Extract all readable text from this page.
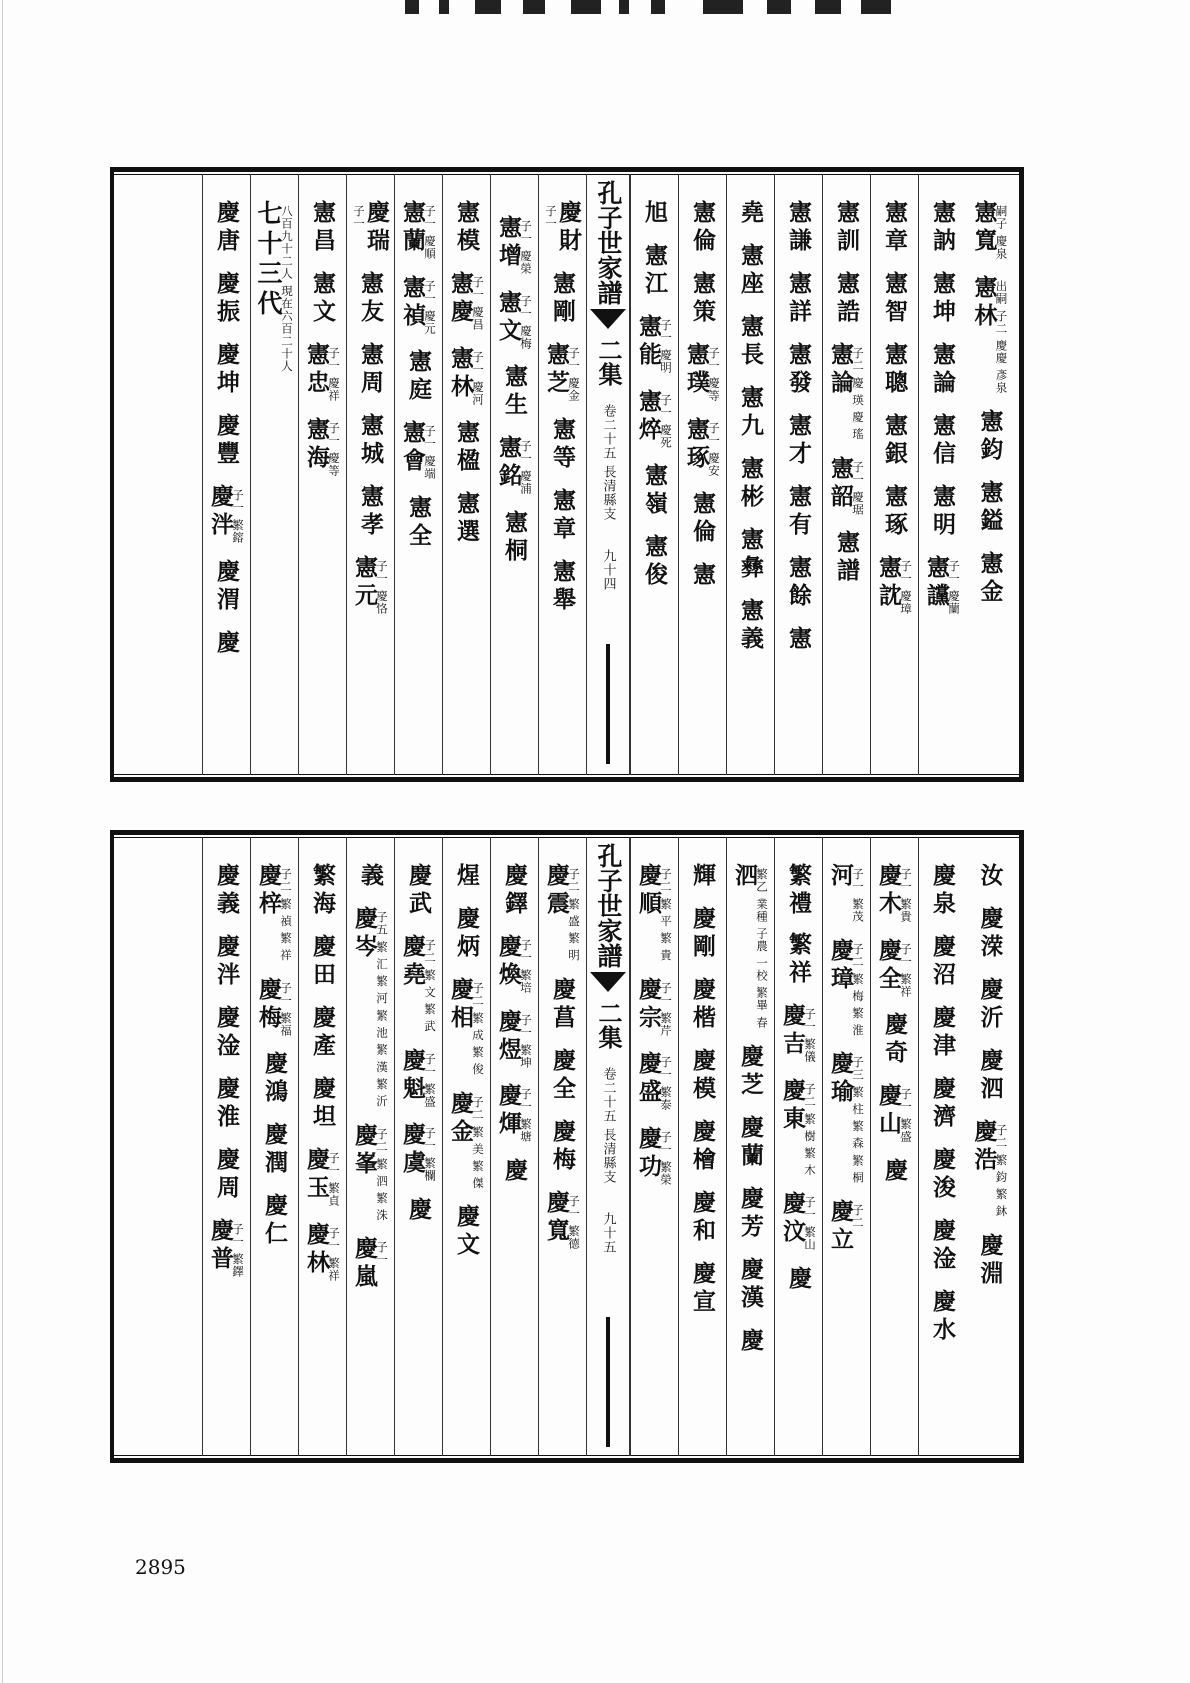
憲寬
嗣子 慶泉
憲林
出嗣 子二 慶慶 彥泉
憲鈞
憲鎰
憲金
憲訥
憲坤
憲論
憲信
憲明
憲讜
子一 慶蘭
憲章
憲智
憲聰
憲銀
憲琢
憲訦
子一 慶璋
憲訓
憲誥
憲論
子二 慶 瑛 慶 瑤
憲韶
子一 慶琚
憲譜
憲謙
憲詳
憲發
憲才
憲有
憲餘
憲
堯
憲座
憲長
憲九
憲彬
憲彝
憲義
憲倫
憲策
憲璞
子一 慶等
憲琢
子一 慶安
憲倫
憲
旭
憲江
憲能
子一 慶明
憲焠
子一 慶死
憲嶺
憲俊
孔子世家譜
二集
卷二十五 長清縣支　　九十四
子一
慶財
憲剛
憲芝
子一 慶金
憲等
憲章
憲舉
憲增
子一 慶榮
憲文
子一 慶梅
憲生
憲銘
子一 慶浦
憲桐
憲模
憲慶
子一 慶昌
憲林
子一 慶河
憲楹
憲選
憲蘭
子一 慶順
憲禎
子一 慶元
憲庭
憲會
子一 慶端
憲全
子一
慶瑞
憲友
憲周
憲城
憲孝
憲元
子一 慶恪
憲昌
憲文
憲忠
子一 慶祥
憲海
子一 慶等
七十三代
八百九十二人 現在六百二十人
慶唐
慶振
慶坤
慶豐
慶泮
子一 繁鎔
慶渭
慶
汝
慶溁
慶沂
慶泗
慶浩
子二 繁 鈞 繁 鈢
慶淵
慶泉
慶沼
慶津
慶濟
慶浚
慶淦
慶水
慶木
子一 繁貴
慶全
子一 繁祥
慶奇
慶山
子一 繁盛
慶
河
子一 繁茂
慶璋
子二 繁 梅 繁 淮
慶瑜
子三 繁 柱 繁 森 繁 桐
慶立
子二
繁禮 繁祥
慶吉
子一 繁儀
慶東
子二 繁 樹 繁 木
慶汶
子一 繁山
慶
泗
繁乙 業種 子農 一校 繁畢 春
慶芝
慶蘭
慶芳
慶漢
慶
輝
慶剛
慶楷
慶模
慶檜
慶和
慶宣
慶順
子二 繁 平 繁 貴
慶宗
子一 繁芹
慶盛
子一 繁泰
慶功
子一 繁榮
孔子世家譜
二集
卷二十五 長清縣支　　九十五
慶震
子二 繁 盛 繁 明
慶菖
慶全
慶梅
慶寬
子一 繁德
慶鐸
慶煥
子一 繁培
慶煜
子一 繁坤
慶煇
子一 繁塘
慶
煋
慶炳
慶相
子二 繁 成 繁 俊
慶金
子二 繁 美 繁 傑
慶文
慶武
慶堯
子二 繁 文 繁 武
慶魁
子一 繁盛
慶虞
子一 繁欄
慶
義
慶岑
子五 繁 汇 繁 河 繁 池 繁 漢 繁 沂
慶峯
子二 繁 泗 繁 洙
慶嵐
子一
繁海
慶田
慶產
慶坦
慶玉
子一 繁貞
慶林
子一 繁祥
慶梓
子二 繁 禎 繁 祥
慶梅
子一 繁福
慶鴻
慶潤
慶仁
慶義
慶泮
慶淦
慶淮
慶周
慶普
子一 繁鐸
2895
